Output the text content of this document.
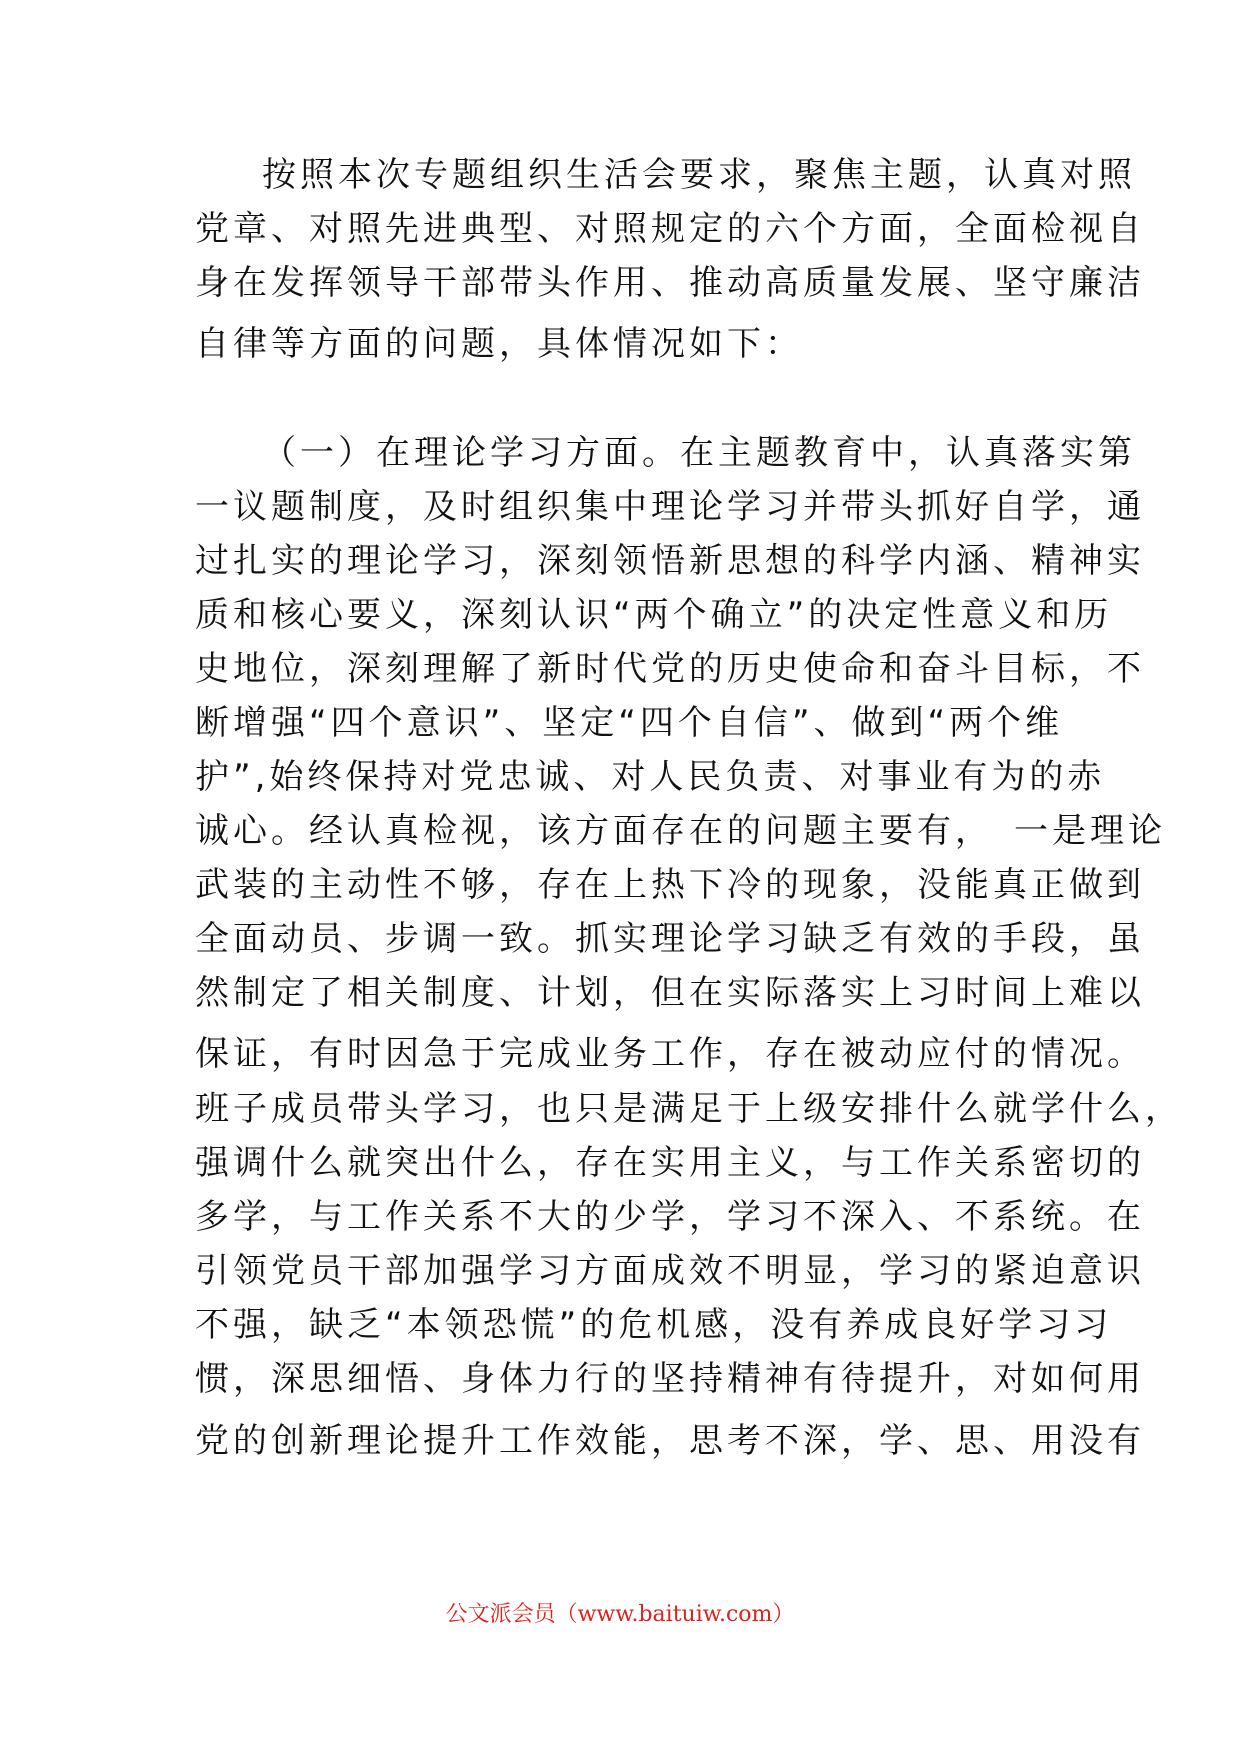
按照本次专题组织生活会要求，聚焦主题，认真对照
党章、对照先进典型、对照规定的六个方面，全面检视自
身在发挥领导干部带头作用、推动高质量发展、坚守廉洁
自律等方面的问题，具体情况如下：
（一）在理论学习方面。在主题教育中，认真落实第
一议题制度，及时组织集中理论学习并带头抓好自学，通
过扎实的理论学习，深刻领悟新思想的科学内涵、精神实
质和核心要义，深刻认识“两个确立”的决定性意义和历
史地位，深刻理解了新时代党的历史使命和奋斗目标，不
断增强“四个意识”、坚定“四个自信”、做到“两个维
护”,始终保持对党忠诚、对人民负责、对事业有为的赤
诚心。经认真检视，该方面存在的问题主要有，　一是理论
武装的主动性不够，存在上热下冷的现象，没能真正做到
全面动员、步调一致。抓实理论学习缺乏有效的手段，虽
然制定了相关制度、计划，但在实际落实上习时间上难以
保证，有时因急于完成业务工作，存在被动应付的情况。
班子成员带头学习，也只是满足于上级安排什么就学什么，
强调什么就突出什么，存在实用主义，与工作关系密切的
多学，与工作关系不大的少学，学习不深入、不系统。在
引领党员干部加强学习方面成效不明显，学习的紧迫意识
不强，缺乏“本领恐慌”的危机感，没有养成良好学习习
惯，深思细悟、身体力行的坚持精神有待提升，对如何用
党的创新理论提升工作效能，思考不深，学、思、用没有
公文派会员（www.baituiw.com）
